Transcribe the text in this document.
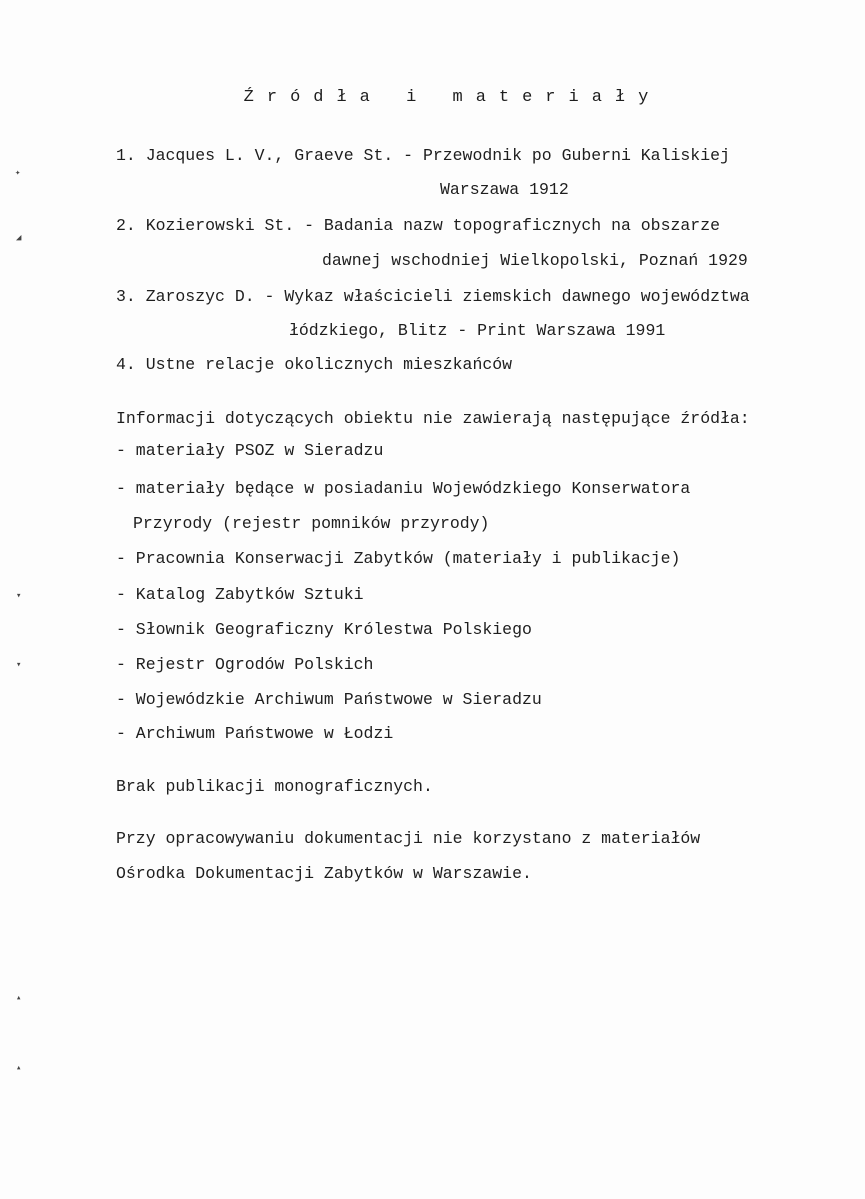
Źródła i materiały
1. Jacques L. V., Graeve St. - Przewodnik po Guberni Kaliskiej
Warszawa 1912
2. Kozierowski St. - Badania nazw topograficznych na obszarze
dawnej wschodniej Wielkopolski, Poznań 1929
3. Zaroszyc D. - Wykaz właścicieli ziemskich dawnego województwa
łódzkiego, Blitz - Print Warszawa 1991
4. Ustne relacje okolicznych mieszkańców
Informacji dotyczących obiektu nie zawierają następujące źródła:
- materiały PSOZ w Sieradzu
- materiały będące w posiadaniu Wojewódzkiego Konserwatora
Przyrody (rejestr pomników przyrody)
- Pracownia Konserwacji Zabytków (materiały i publikacje)
- Katalog Zabytków Sztuki
- Słownik Geograficzny Królestwa Polskiego
- Rejestr Ogrodów Polskich
- Wojewódzkie Archiwum Państwowe w Sieradzu
- Archiwum Państwowe w Łodzi
Brak publikacji monograficznych.
Przy opracowywaniu dokumentacji nie korzystano z materiałów
Ośrodka Dokumentacji Zabytków w Warszawie.
✦
◢
▾
▾
▴
▴
